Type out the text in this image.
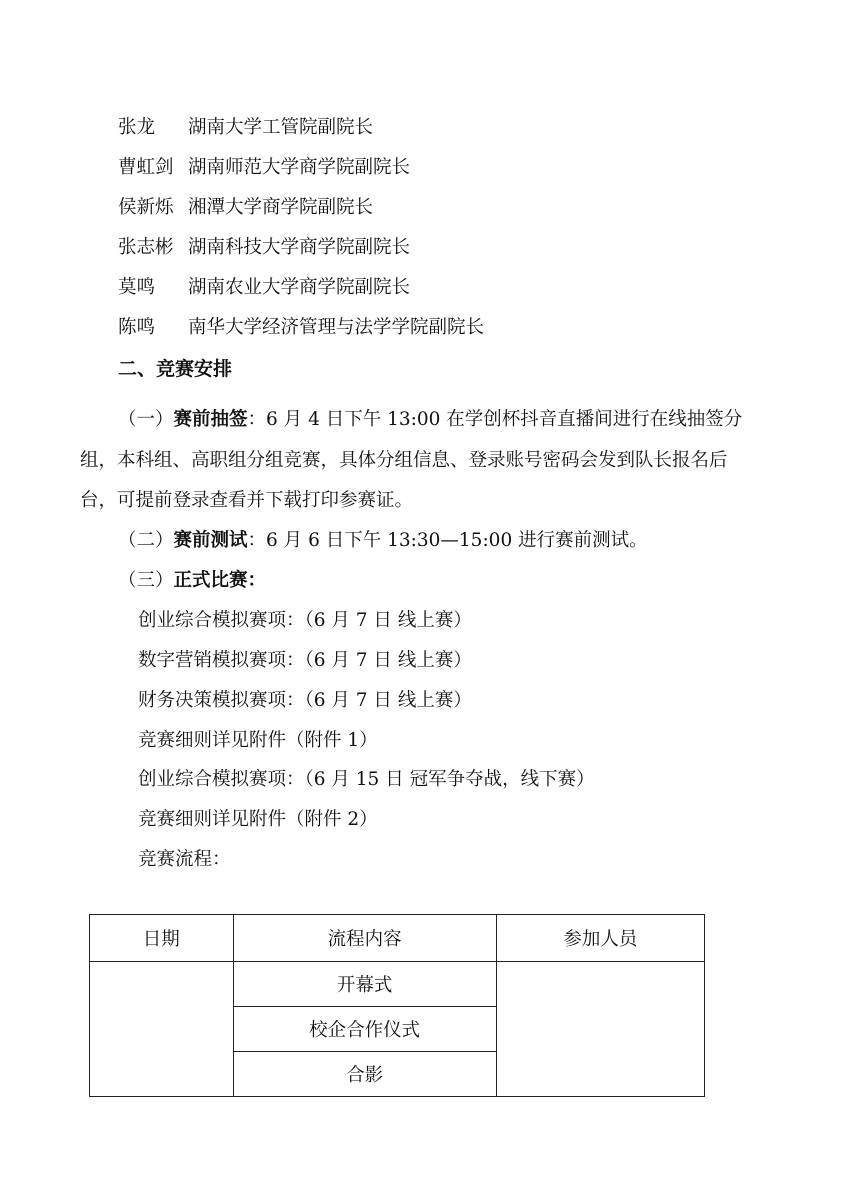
张龙 湖南大学工管院副院长
曹虹剑 湖南师范大学商学院副院长
侯新烁 湘潭大学商学院副院长
张志彬 湖南科技大学商学院副院长
莫鸣 湖南农业大学商学院副院长
陈鸣 南华大学经济管理与法学学院副院长
二、竞赛安排
（一）赛前抽签：6 月 4 日下午 13:00 在学创杯抖音直播间进行在线抽签分
组，本科组、高职组分组竞赛，具体分组信息、登录账号密码会发到队长报名后
台，可提前登录查看并下载打印参赛证。
（二）赛前测试：6 月 6 日下午 13:30—15:00 进行赛前测试。
（三）正式比赛：
创业综合模拟赛项：（6 月 7 日 线上赛）
数字营销模拟赛项：（6 月 7 日 线上赛）
财务决策模拟赛项：（6 月 7 日 线上赛）
竞赛细则详见附件（附件 1）
创业综合模拟赛项：（6 月 15 日 冠军争夺战，线下赛）
竞赛细则详见附件（附件 2）
竞赛流程：
日期	流程内容	参加人员
	开幕式	
	校企合作仪式	
	合影	
